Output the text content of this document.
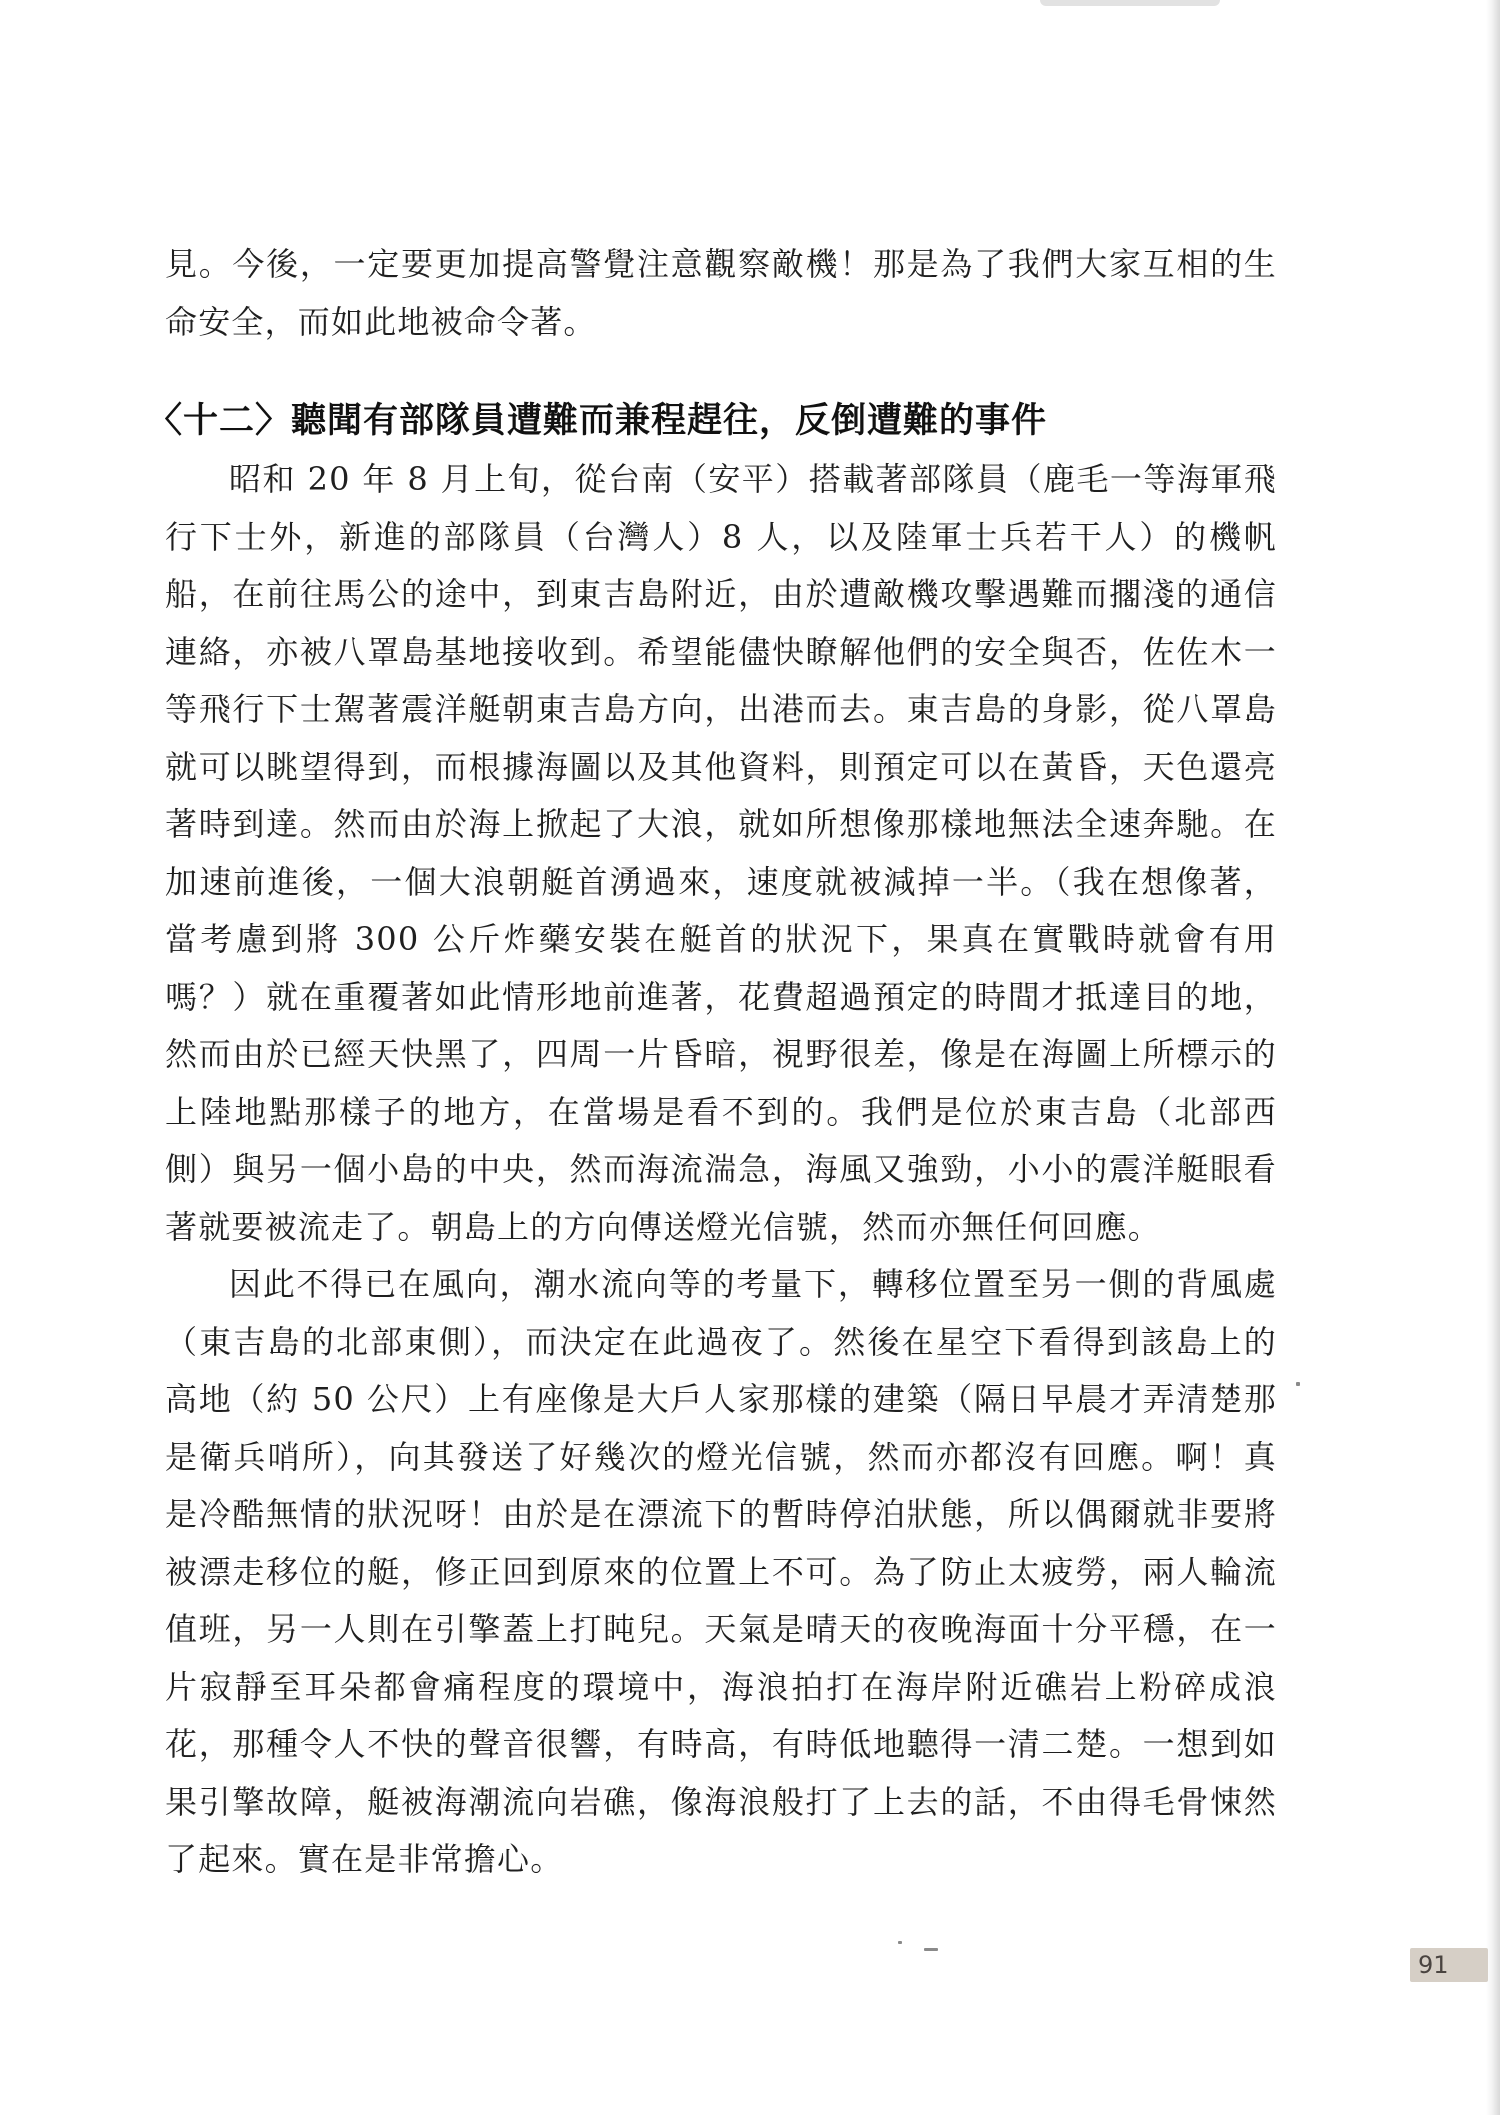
見。今後，一定要更加提高警覺注意觀察敵機！那是為了我們大家互相的生命安全，而如此地被命令著。

〈十二〉聽聞有部隊員遭難而兼程趕往，反倒遭難的事件

昭和 20 年 8 月上旬，從台南（安平）搭載著部隊員（鹿毛一等海軍飛行下士外，新進的部隊員（台灣人）8 人，以及陸軍士兵若干人）的機帆船，在前往馬公的途中，到東吉島附近，由於遭敵機攻擊遇難而擱淺的通信連絡，亦被八罩島基地接收到。希望能儘快瞭解他們的安全與否，佐佐木一等飛行下士駕著震洋艇朝東吉島方向，出港而去。東吉島的身影，從八罩島就可以眺望得到，而根據海圖以及其他資料，則預定可以在黃昏，天色還亮著時到達。然而由於海上掀起了大浪，就如所想像那樣地無法全速奔馳。在加速前進後，一個大浪朝艇首湧過來，速度就被減掉一半。（我在想像著，當考慮到將 300 公斤炸藥安裝在艇首的狀況下，果真在實戰時就會有用嗎？）就在重覆著如此情形地前進著，花費超過預定的時間才抵達目的地，然而由於已經天快黑了，四周一片昏暗，視野很差，像是在海圖上所標示的上陸地點那樣子的地方，在當場是看不到的。我們是位於東吉島（北部西側）與另一個小島的中央，然而海流湍急，海風又強勁，小小的震洋艇眼看著就要被流走了。朝島上的方向傳送燈光信號，然而亦無任何回應。

因此不得已在風向，潮水流向等的考量下，轉移位置至另一側的背風處（東吉島的北部東側），而決定在此過夜了。然後在星空下看得到該島上的高地（約 50 公尺）上有座像是大戶人家那樣的建築（隔日早晨才弄清楚那是衛兵哨所），向其發送了好幾次的燈光信號，然而亦都沒有回應。啊！真是冷酷無情的狀況呀！由於是在漂流下的暫時停泊狀態，所以偶爾就非要將被漂走移位的艇，修正回到原來的位置上不可。為了防止太疲勞，兩人輪流值班，另一人則在引擎蓋上打盹兒。天氣是晴天的夜晚海面十分平穩，在一片寂靜至耳朵都會痛程度的環境中，海浪拍打在海岸附近礁岩上粉碎成浪花，那種令人不快的聲音很響，有時高，有時低地聽得一清二楚。一想到如果引擎故障，艇被海潮流向岩礁，像海浪般打了上去的話，不由得毛骨悚然了起來。實在是非常擔心。

91
